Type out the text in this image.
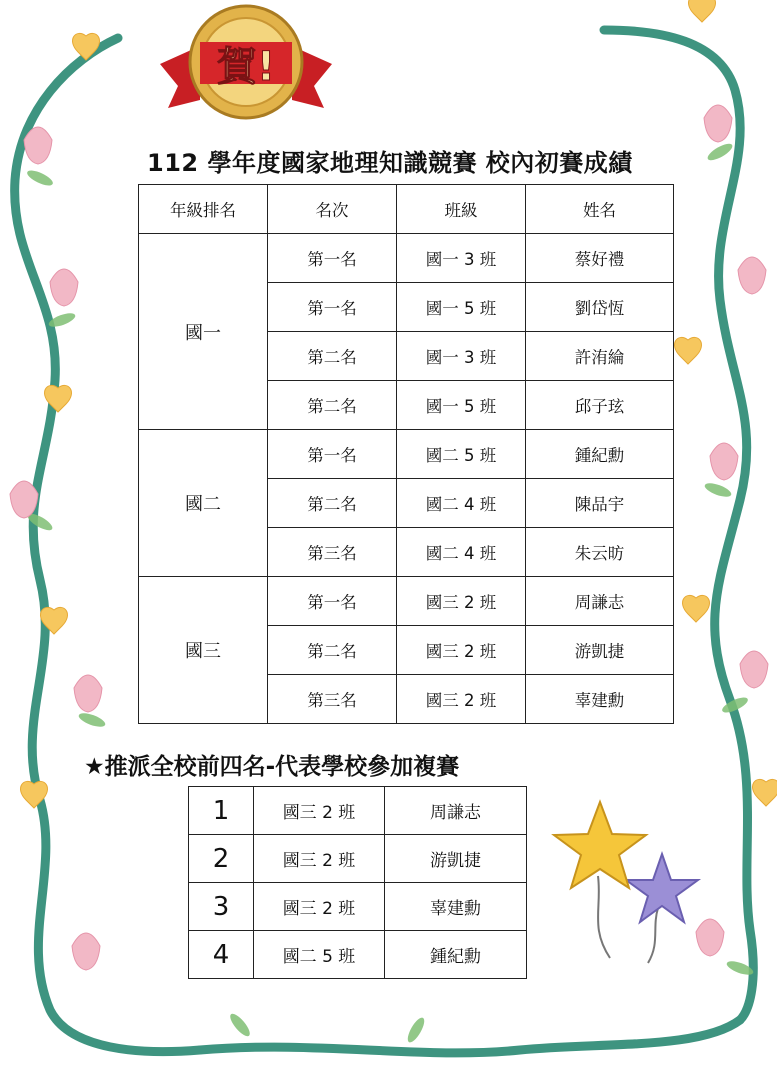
賀!
112 學年度國家地理知識競賽 校內初賽成績
年級排名	名次	班級	姓名
國一	第一名	國一 3 班	蔡好禮
	第一名	國一 5 班	劉岱恆
	第二名	國一 3 班	許洧綸
	第二名	國一 5 班	邱子玹
國二	第一名	國二 5 班	鍾紀勳
	第二名	國二 4 班	陳品宇
	第三名	國二 4 班	朱云昉
國三	第一名	國三 2 班	周謙志
	第二名	國三 2 班	游凱捷
	第三名	國三 2 班	辜建勳
★推派全校前四名-代表學校參加複賽
1	國三 2 班	周謙志
2	國三 2 班	游凱捷
3	國三 2 班	辜建勳
4	國二 5 班	鍾紀勳
